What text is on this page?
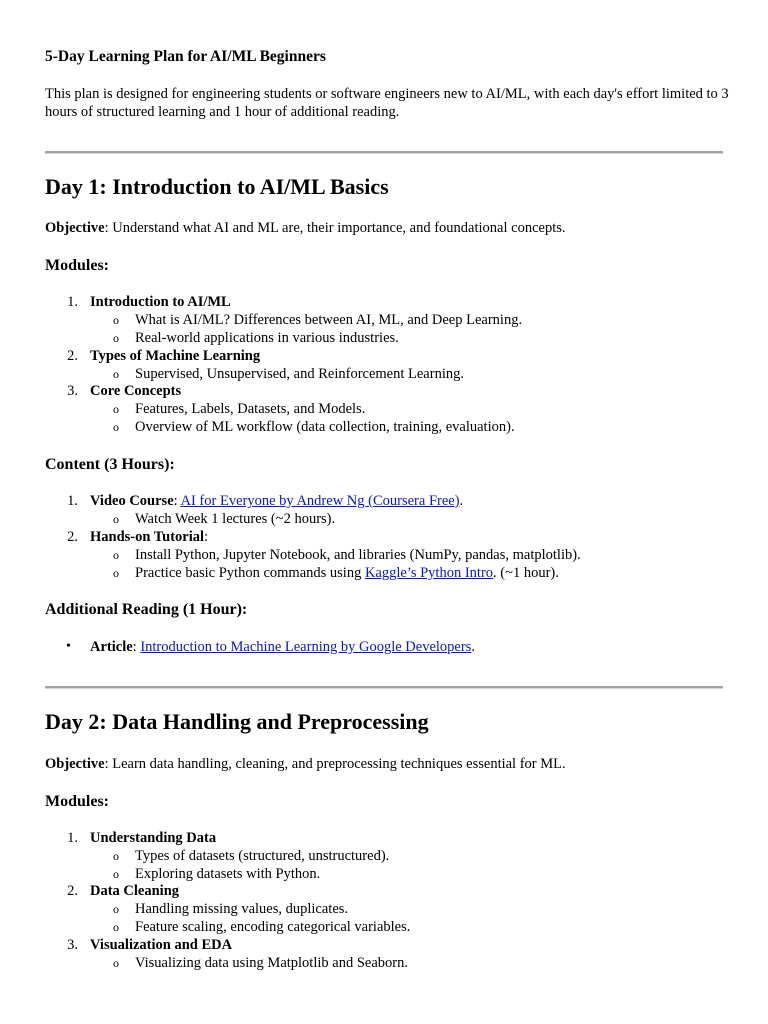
5-Day Learning Plan for AI/ML Beginners
This plan is designed for engineering students or software engineers new to AI/ML, with each day's effort limited to 3 hours of structured learning and 1 hour of additional reading.
Day 1: Introduction to AI/ML Basics
Objective: Understand what AI and ML are, their importance, and foundational concepts.
Modules:
1. Introduction to AI/ML
o What is AI/ML? Differences between AI, ML, and Deep Learning.
o Real-world applications in various industries.
2. Types of Machine Learning
o Supervised, Unsupervised, and Reinforcement Learning.
3. Core Concepts
o Features, Labels, Datasets, and Models.
o Overview of ML workflow (data collection, training, evaluation).
Content (3 Hours):
1. Video Course: AI for Everyone by Andrew Ng (Coursera Free).
o Watch Week 1 lectures (~2 hours).
2. Hands-on Tutorial:
o Install Python, Jupyter Notebook, and libraries (NumPy, pandas, matplotlib).
o Practice basic Python commands using Kaggle’s Python Intro. (~1 hour).
Additional Reading (1 Hour):
• Article: Introduction to Machine Learning by Google Developers.
Day 2: Data Handling and Preprocessing
Objective: Learn data handling, cleaning, and preprocessing techniques essential for ML.
Modules:
1. Understanding Data
o Types of datasets (structured, unstructured).
o Exploring datasets with Python.
2. Data Cleaning
o Handling missing values, duplicates.
o Feature scaling, encoding categorical variables.
3. Visualization and EDA
o Visualizing data using Matplotlib and Seaborn.
